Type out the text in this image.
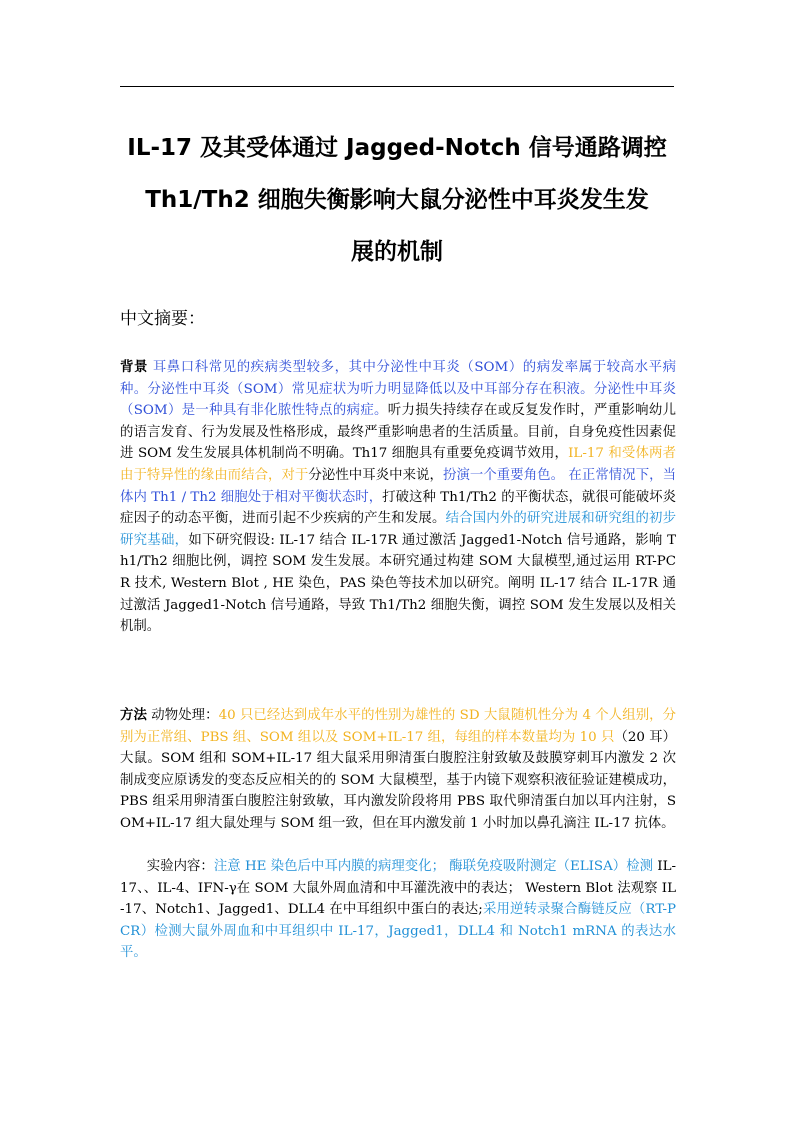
IL-17 及其受体通过 Jagged-Notch 信号通路调控
Th1/Th2 细胞失衡影响大鼠分泌性中耳炎发生发
展的机制
中文摘要：
背景 耳鼻口科常见的疾病类型较多，其中分泌性中耳炎（SOM）的病发率属于较高水平病种。分泌性中耳炎（SOM）常见症状为听力明显降低以及中耳部分存在积液。分泌性中耳炎（SOM）是一种具有非化脓性特点的病症。听力损失持续存在或反复发作时，严重影响幼儿的语言发育、行为发展及性格形成，最终严重影响患者的生活质量。目前，自身免疫性因素促进 SOM 发生发展具体机制尚不明确。Th17 细胞具有重要免疫调节效用，IL-17 和受体两者由于特异性的缘由而结合，对于分泌性中耳炎中来说，扮演一个重要角色。 在正常情况下，当体内 Th1 / Th2 细胞处于相对平衡状态时，打破这种 Th1/Th2 的平衡状态，就很可能破坏炎症因子的动态平衡，进而引起不少疾病的产生和发展。结合国内外的研究进展和研究组的初步研究基础，如下研究假设: IL-17 结合 IL-17R 通过激活 Jagged1-Notch 信号通路，影响 Th1/Th2 细胞比例，调控 SOM 发生发展。本研究通过构建 SOM 大鼠模型,通过运用 RT-PCR 技术, Western Blot , HE 染色，PAS 染色等技术加以研究。阐明 IL-17 结合 IL-17R 通过激活 Jagged1-Notch 信号通路，导致 Th1/Th2 细胞失衡，调控 SOM 发生发展以及相关机制。
方法 动物处理：40 只已经达到成年水平的性别为雄性的 SD 大鼠随机性分为 4 个人组别，分别为正常组、PBS 组、SOM 组以及 SOM+IL-17 组，每组的样本数量均为 10 只（20 耳）大鼠。SOM 组和 SOM+IL-17 组大鼠采用卵清蛋白腹腔注射致敏及鼓膜穿刺耳内激发 2 次制成变应原诱发的变态反应相关的的 SOM 大鼠模型，基于内镜下观察积液征验证建模成功，PBS 组采用卵清蛋白腹腔注射致敏，耳内激发阶段将用 PBS 取代卵清蛋白加以耳内注射，SOM+IL-17 组大鼠处理与 SOM 组一致，但在耳内激发前 1 小时加以鼻孔滴注 IL-17 抗体。
实验内容：注意 HE 染色后中耳内膜的病理变化； 酶联免疫吸附测定（ELISA）检测 IL-17、、IL-4、IFN-γ在 SOM 大鼠外周血清和中耳灌洗液中的表达； Western Blot 法观察 IL-17、Notch1、Jagged1、DLL4 在中耳组织中蛋白的表达;采用逆转录聚合酶链反应（RT-PCR）检测大鼠外周血和中耳组织中 IL-17，Jagged1，DLL4 和 Notch1 mRNA 的表达水平。
